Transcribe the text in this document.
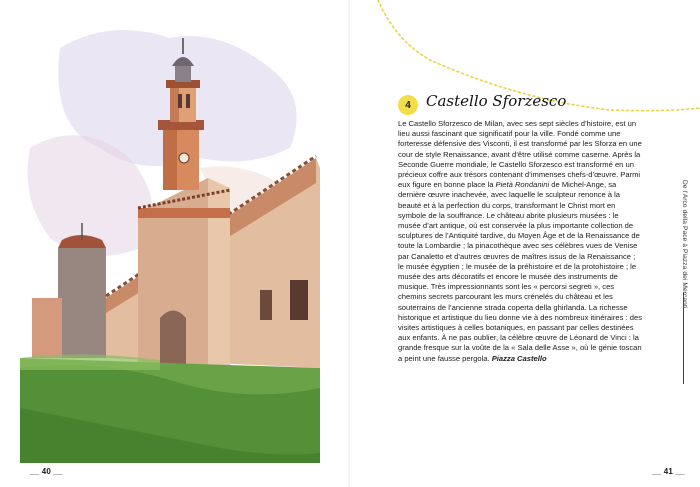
__ 40 __
4	Castello Sforzesco

Le Castello Sforzesco de Milan, avec ses sept siècles d’histoire, est un lieu aussi fascinant que significatif pour la ville. Fondé comme une forteresse défensive des Visconti, il est transformé par les Sforza en une cour de style Renaissance, avant d’être utilisé comme caserne. Après la Seconde Guerre mondiale, le Castello Sforzesco est transformé en un précieux coffre aux trésors contenant d’immenses chefs-d’œuvre. Parmi eux figure en bonne place la Pietà Rondanini de Michel-Ange, sa dernière œuvre inachevée, avec laquelle le sculpteur renonce à la beauté et à la perfection du corps, transformant le Christ mort en symbole de la souffrance. Le château abrite plusieurs musées : le musée d’art antique, où est conservée la plus importante collection de sculptures de l’Antiquité tardive, du Moyen Âge et de la Renaissance de toute la Lombardie ; la pinacothèque avec ses célèbres vues de Venise par Canaletto et d’autres œuvres de maîtres issus de la Renaissance ; le musée égyptien ; le musée de la préhistoire et de la protohistoire ; le musée des arts décoratifs et encore le musée des instruments de musique. Très impressionnants sont les « percorsi segreti », ces chemins secrets parcourant les murs crénelés du château et les souterrains de l’ancienne strada coperta della ghirlanda. La richesse historique et artistique du lieu donne vie à des nombreux itinéraires : des visites artistiques à celles botaniques, en passant par celles destinées aux enfants. À ne pas oublier, la célèbre œuvre de Léonard de Vinci : la grande fresque sur la voûte de la « Sala delle Asse », où le génie toscan a peint une fausse pergola. Piazza Castello

De l’Arco della Pace à Piazza dei Mercanti
__ 41 __
